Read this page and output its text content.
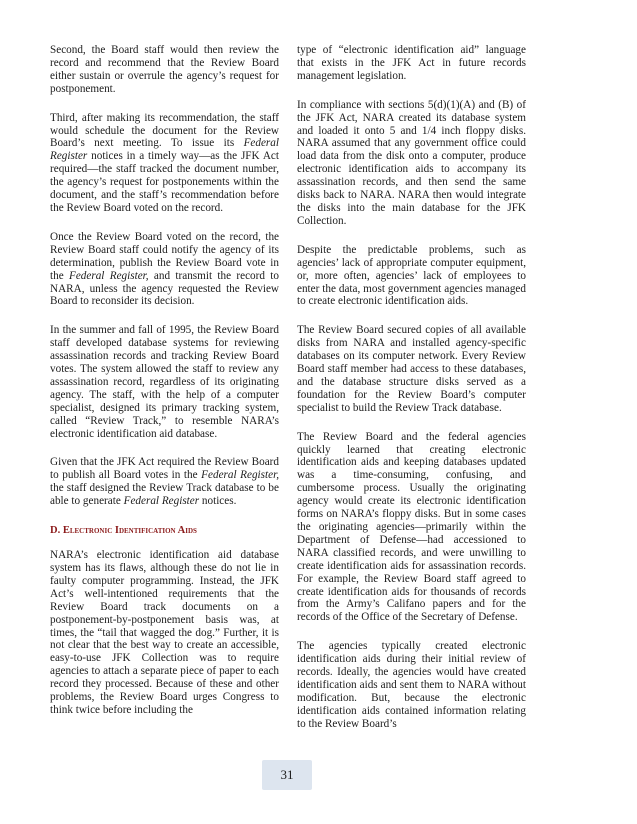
Second, the Board staff would then review the record and recommend that the Review Board either sustain or overrule the agency’s request for postponement.

Third, after making its recommendation, the staff would schedule the document for the Review Board’s next meeting. To issue its Federal Register notices in a timely way—as the JFK Act required—the staff tracked the document number, the agency’s request for postponements within the document, and the staff’s recommendation before the Review Board voted on the record.

Once the Review Board voted on the record, the Review Board staff could notify the agency of its determination, publish the Review Board vote in the Federal Register, and transmit the record to NARA, unless the agency requested the Review Board to reconsider its decision.

In the summer and fall of 1995, the Review Board staff developed database systems for reviewing assassination records and tracking Review Board votes. The system allowed the staff to review any assassination record, regardless of its originating agency. The staff, with the help of a computer specialist, designed its primary tracking system, called “Review Track,” to resemble NARA’s electronic identification aid database.

Given that the JFK Act required the Review Board to publish all Board votes in the Federal Register, the staff designed the Review Track database to be able to generate Federal Register notices.

D. Electronic Identification Aids

NARA’s electronic identification aid database system has its flaws, although these do not lie in faulty computer programming. Instead, the JFK Act’s well-intentioned requirements that the Review Board track documents on a postponement-by-postponement basis was, at times, the “tail that wagged the dog.” Further, it is not clear that the best way to create an accessible, easy-to-use JFK Collection was to require agencies to attach a separate piece of paper to each record they processed. Because of these and other problems, the Review Board urges Congress to think twice before including the

type of “electronic identification aid” language that exists in the JFK Act in future records management legislation.

In compliance with sections 5(d)(1)(A) and (B) of the JFK Act, NARA created its database system and loaded it onto 5 and 1/4 inch floppy disks. NARA assumed that any government office could load data from the disk onto a computer, produce electronic identification aids to accompany its assassination records, and then send the same disks back to NARA. NARA then would integrate the disks into the main database for the JFK Collection.

Despite the predictable problems, such as agencies’ lack of appropriate computer equipment, or, more often, agencies’ lack of employees to enter the data, most government agencies managed to create electronic identification aids.

The Review Board secured copies of all available disks from NARA and installed agency-specific databases on its computer network. Every Review Board staff member had access to these databases, and the database structure disks served as a foundation for the Review Board’s computer specialist to build the Review Track database.

The Review Board and the federal agencies quickly learned that creating electronic identification aids and keeping databases updated was a time-consuming, confusing, and cumbersome process. Usually the originating agency would create its electronic identification forms on NARA’s floppy disks. But in some cases the originating agencies—primarily within the Department of Defense—had accessioned to NARA classified records, and were unwilling to create identification aids for assassination records. For example, the Review Board staff agreed to create identification aids for thousands of records from the Army’s Califano papers and for the records of the Office of the Secretary of Defense.

The agencies typically created electronic identification aids during their initial review of records. Ideally, the agencies would have created identification aids and sent them to NARA without modification. But, because the electronic identification aids contained information relating to the Review Board’s

31
